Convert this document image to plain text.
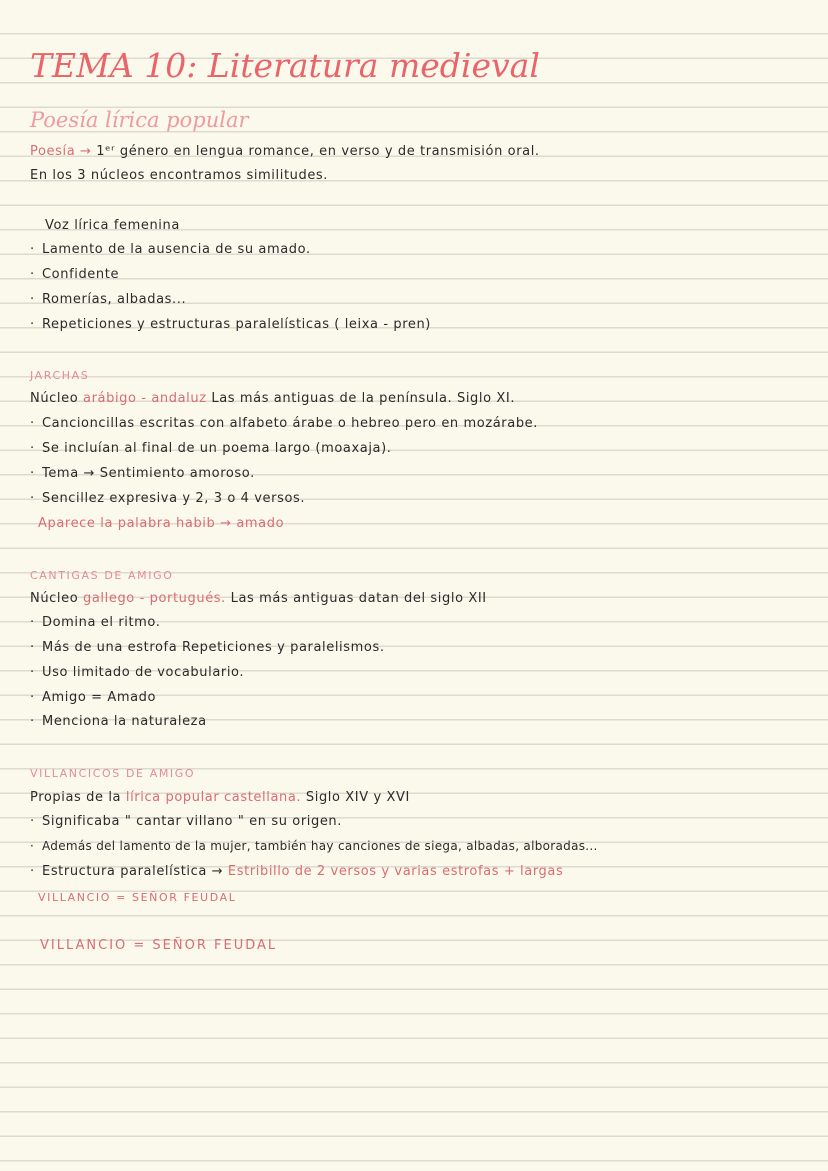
TEMA 10: Literatura medieval
Poesía lírica popular
Poesía → 1ᵉʳ género en lengua romance, en verso y de transmisión oral.
En los 3 núcleos encontramos similitudes.
Voz lírica femenina
· Lamento de la ausencia de su amado.
· Confidente
· Romerías, albadas...
· Repeticiones y estructuras paralelísticas ( leixa - pren)
JARCHAS
Núcleo arábigo - andaluz Las más antiguas de la península. Siglo XI.
· Cancioncillas escritas con alfabeto árabe o hebreo pero en mozárabe.
· Se incluían al final de un poema largo (moaxaja).
· Tema → Sentimiento amoroso.
· Sencillez expresiva y 2, 3 o 4 versos.
Aparece la palabra habib → amado
CANTIGAS DE AMIGO
Núcleo gallego - portugués. Las más antiguas datan del siglo XII
· Domina el ritmo.
· Más de una estrofa Repeticiones y paralelismos.
· Uso limitado de vocabulario.
· Amigo = Amado
· Menciona la naturaleza
VILLANCICOS DE AMIGO
Propias de la lírica popular castellana. Siglo XIV y XVI
· Significaba " cantar villano " en su origen.
· Además del lamento de la mujer, también hay canciones de siega, albadas, alboradas...
· Estructura paralelística → Estribillo de 2 versos y varias estrofas + largas
VILLANCIO = SEÑOR FEUDAL
VILLANCIO = SEÑOR FEUDAL
